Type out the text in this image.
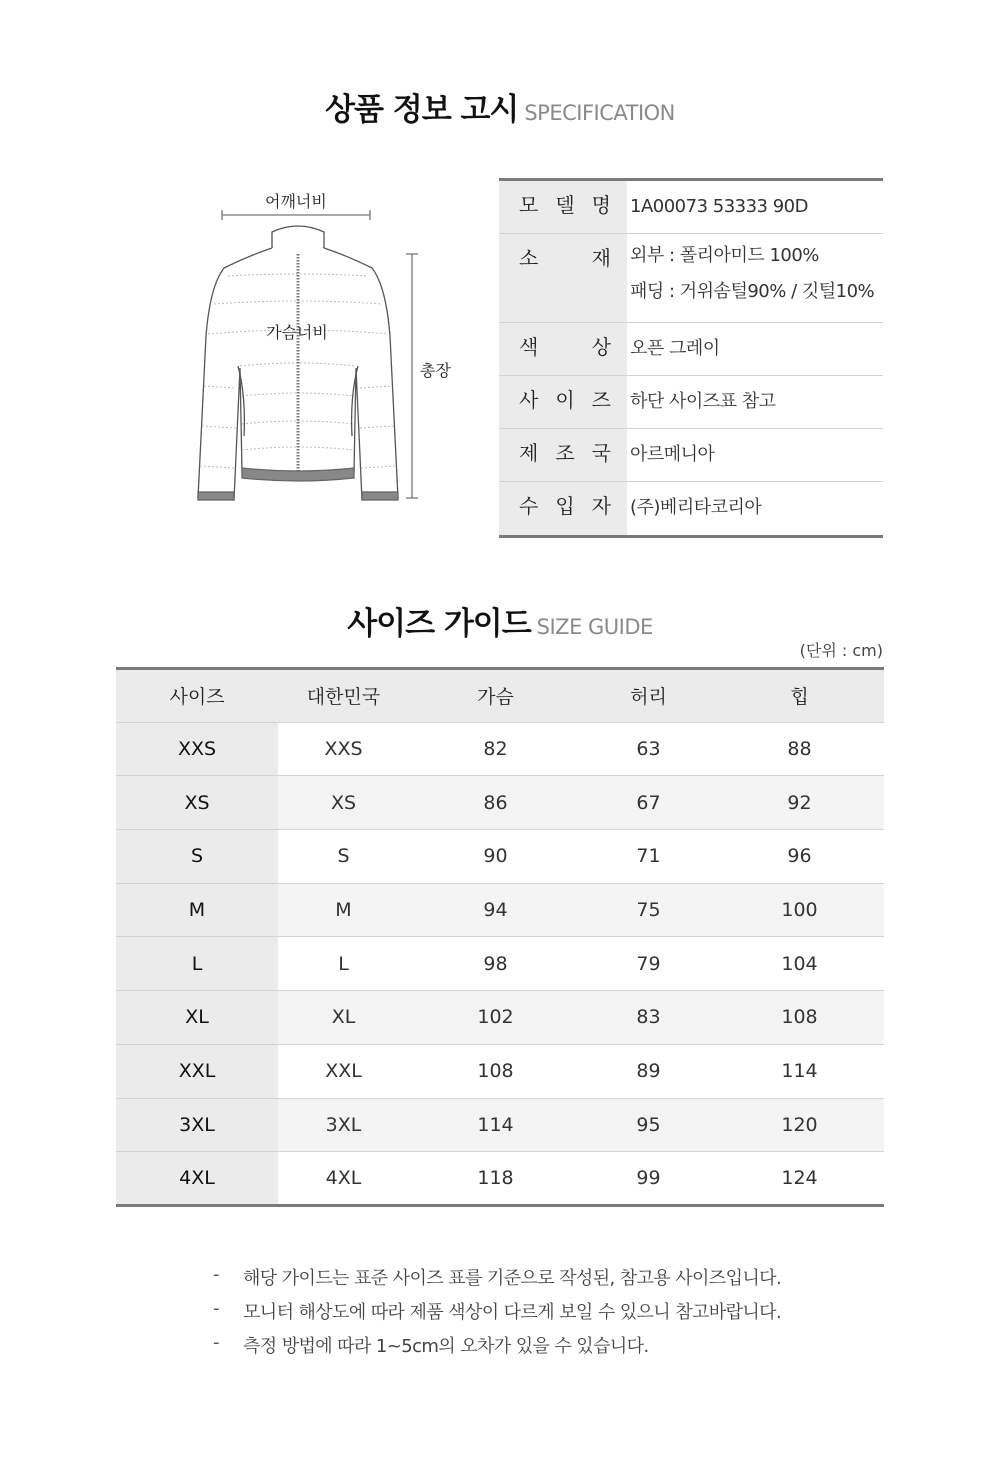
상품 정보 고시 SPECIFICATION
어깨너비
가슴너비
총장
모 델 명 1A00073 53333 90D
소	재 외부 : 폴리아미드 100%
패딩 : 거위솜털90% / 깃털10%
색	상 오픈 그레이
사 이 즈 하단 사이즈표 참고
제 조 국 아르메니아
수 입 자 (주)베리타코리아
사이즈 가이드 SIZE GUIDE
(단위 : cm)
사이즈	대한민국	가슴	허리	힙
XXS	XXS	82	63	88
XS	XS	86	67	92
S	S	90	71	96
M	M	94	75	100
L	L	98	79	104
XL	XL	102	83	108
XXL	XXL	108	89	114
3XL	3XL	114	95	120
4XL	4XL	118	99	124
-	해당 가이드는 표준 사이즈 표를 기준으로 작성된, 참고용 사이즈입니다.
-	모니터 해상도에 따라 제품 색상이 다르게 보일 수 있으니 참고바랍니다.
-	측정 방법에 따라 1~5cm의 오차가 있을 수 있습니다.
